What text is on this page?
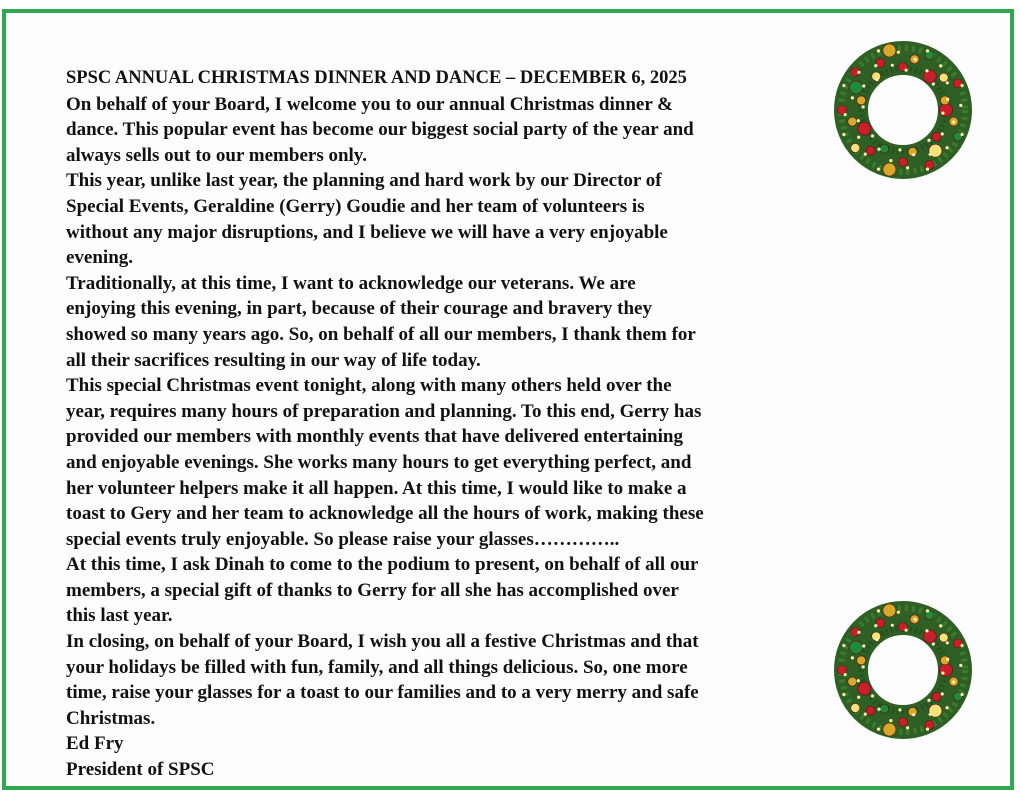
SPSC ANNUAL CHRISTMAS DINNER AND DANCE – DECEMBER 6, 2025

On behalf of your Board, I welcome you to our annual Christmas dinner &

dance. This popular event has become our biggest social party of the year and

always sells out to our members only.

This year, unlike last year, the planning and hard work by our Director of

Special Events, Geraldine (Gerry) Goudie and her team of volunteers is

without any major disruptions, and I believe we will have a very enjoyable

evening.

Traditionally, at this time, I want to acknowledge our veterans. We are

enjoying this evening, in part, because of their courage and bravery they

showed so many years ago. So, on behalf of all our members, I thank them for

all their sacrifices resulting in our way of life today.

This special Christmas event tonight, along with many others held over the

year, requires many hours of preparation and planning. To this end, Gerry has

provided our members with monthly events that have delivered entertaining

and enjoyable evenings. She works many hours to get everything perfect, and

her volunteer helpers make it all happen. At this time, I would like to make a

toast to Gery and her team to acknowledge all the hours of work, making these

special events truly enjoyable. So please raise your glasses…………..

At this time, I ask Dinah to come to the podium to present, on behalf of all our

members, a special gift of thanks to Gerry for all she has accomplished over

this last year.

In closing, on behalf of your Board, I wish you all a festive Christmas and that

your holidays be filled with fun, family, and all things delicious. So, one more

time, raise your glasses for a toast to our families and to a very merry and safe

Christmas.

Ed Fry

President of SPSC
